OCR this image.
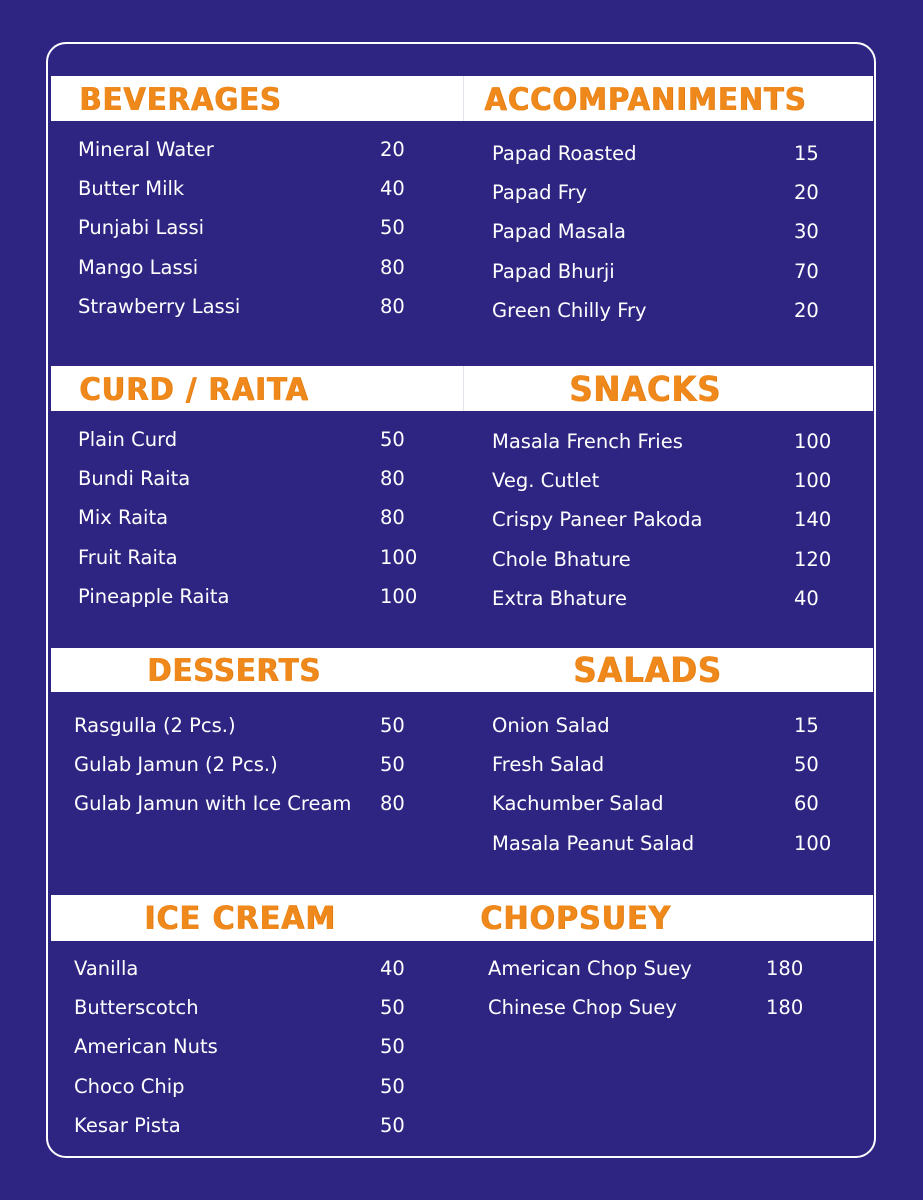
BEVERAGES	ACCOMPANIMENTS
CURD / RAITA	SNACKS
DESSERTS	SALADS
ICE CREAM	CHOPSUEY
Mineral Water	20
Butter Milk	40
Punjabi Lassi	50
Mango Lassi	80
Strawberry Lassi	80
Papad Roasted	15
Papad Fry	20
Papad Masala	30
Papad Bhurji	70
Green Chilly Fry	20
Plain Curd	50
Bundi Raita	80
Mix Raita	80
Fruit Raita	100
Pineapple Raita	100
Masala French Fries	100
Veg. Cutlet	100
Crispy Paneer Pakoda	140
Chole Bhature	120
Extra Bhature	40
Rasgulla (2 Pcs.)	50
Gulab Jamun (2 Pcs.)	50
Gulab Jamun with Ice Cream 80
Onion Salad	15
Fresh Salad	50
Kachumber Salad	60
Masala Peanut Salad	100
Vanilla	40
Butterscotch	50
American Nuts	50
Choco Chip	50
Kesar Pista	50
American Chop Suey	180
Chinese Chop Suey	180
